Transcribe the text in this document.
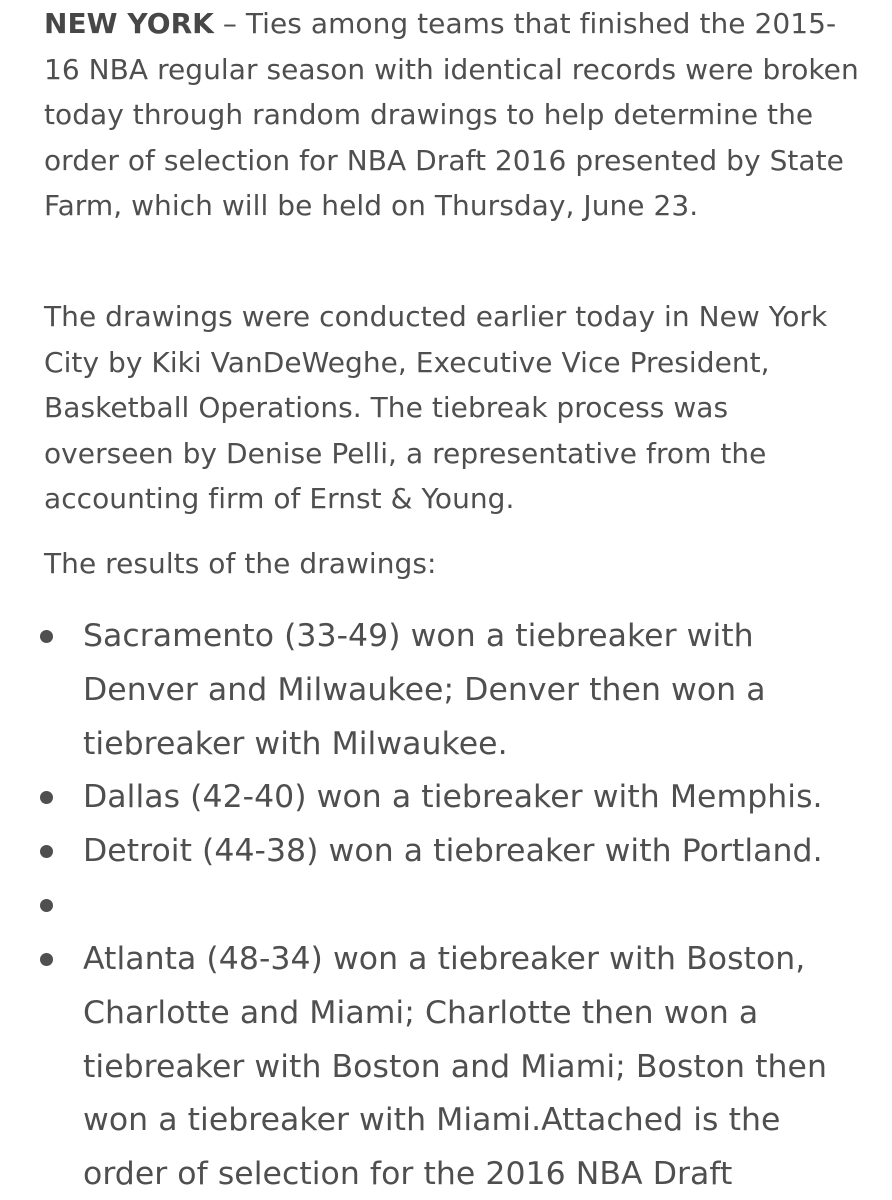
NEW YORK – Ties among teams that finished the 2015-16 NBA regular season with identical records were broken today through random drawings to help determine the order of selection for NBA Draft 2016 presented by State Farm, which will be held on Thursday, June 23.

The drawings were conducted earlier today in New York City by Kiki VanDeWeghe, Executive Vice President, Basketball Operations. The tiebreak process was overseen by Denise Pelli, a representative from the accounting firm of Ernst & Young.

The results of the drawings:

Sacramento (33-49) won a tiebreaker with Denver and Milwaukee; Denver then won a tiebreaker with Milwaukee.
Dallas (42-40) won a tiebreaker with Memphis.
Detroit (44-38) won a tiebreaker with Portland.
Atlanta (48-34) won a tiebreaker with Boston, Charlotte and Miami; Charlotte then won a tiebreaker with Boston and Miami; Boston then won a tiebreaker with Miami.Attached is the order of selection for the 2016 NBA Draft
